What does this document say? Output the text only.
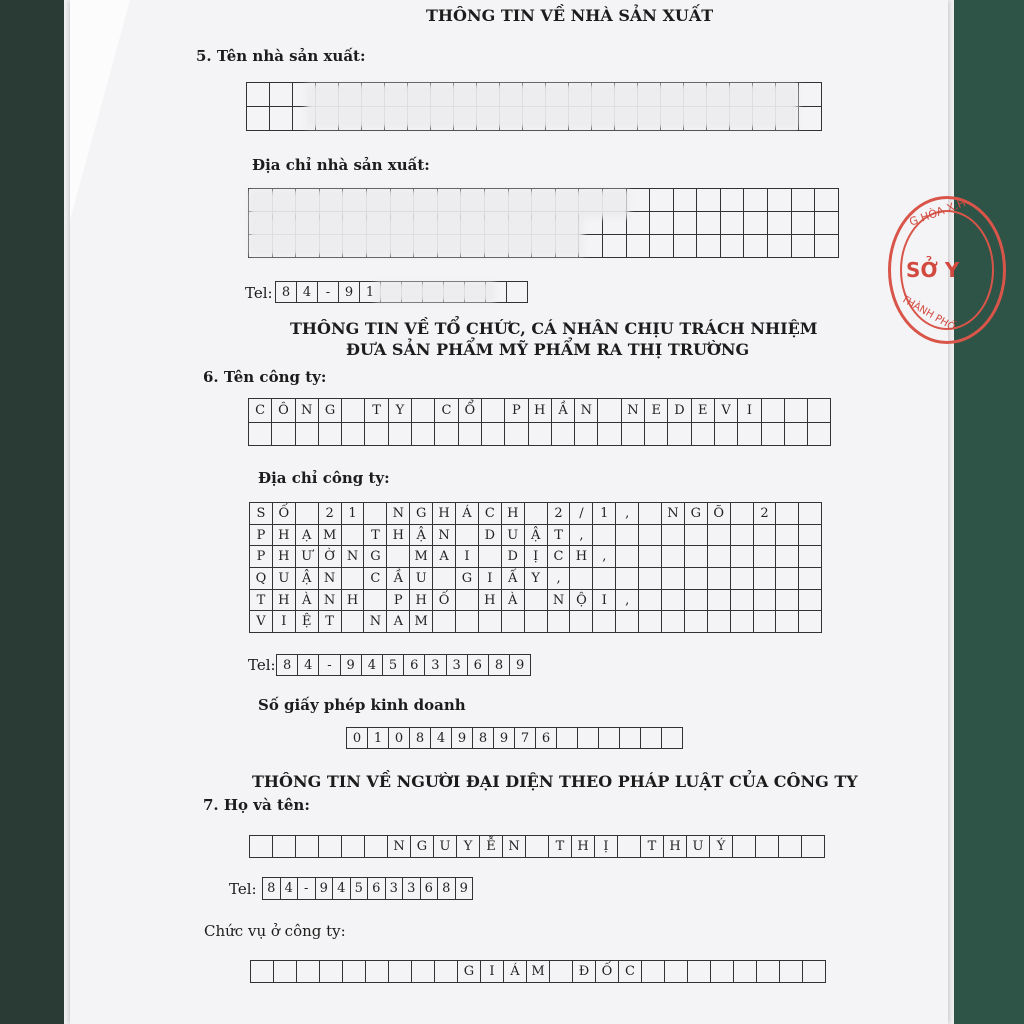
THÔNG TIN VỀ NHÀ SẢN XUẤT
5. Tên nhà sản xuất:
Địa chỉ nhà sản xuất:
Tel: 8 4	-	9 1
THÔNG TIN VỀ TỔ CHỨC, CÁ NHÂN CHỊU TRÁCH NHIỆM
ĐƯA SẢN PHẨM MỸ PHẨM RA THỊ TRƯỜNG
6. Tên công ty:
C Ô N G	T	Y	C Ổ	P	H Ầ N	N E	D	E	V	I
Địa chỉ công ty:
S	Ố	2	1	N G H Á	C H	2	/	1	,	N G Õ	2
P H Ạ M	T H Ậ N	D U Ậ	T	,
P H Ư Ờ N G	M A	I	D	Ị	C H	,
Q U Ậ N	C	Ầ U	G	I	Ấ	Y	,
T H À N H	P H Ố	H À	N Ộ	I	,
V	I	Ệ	T	N A M
Tel: 8 4	-	9 4 5 6 3 3 6 8 9
Số giấy phép kinh doanh
0 1 0 8 4 9 8 9 7 6
THÔNG TIN VỀ NGƯỜI ĐẠI DIỆN THEO PHÁP LUẬT CỦA CÔNG TY
7. Họ và tên:
N G U	Y	Ễ N	T	H	Ị	T	H U	Ý
Tel: 8 4 - 9 4 5 6 3 3 6 8 9
Chức vụ ở công ty:
G	I	Á M	Đ Ố C
G HÒA X.H
SỞ Y
THÀNH PHỐ
